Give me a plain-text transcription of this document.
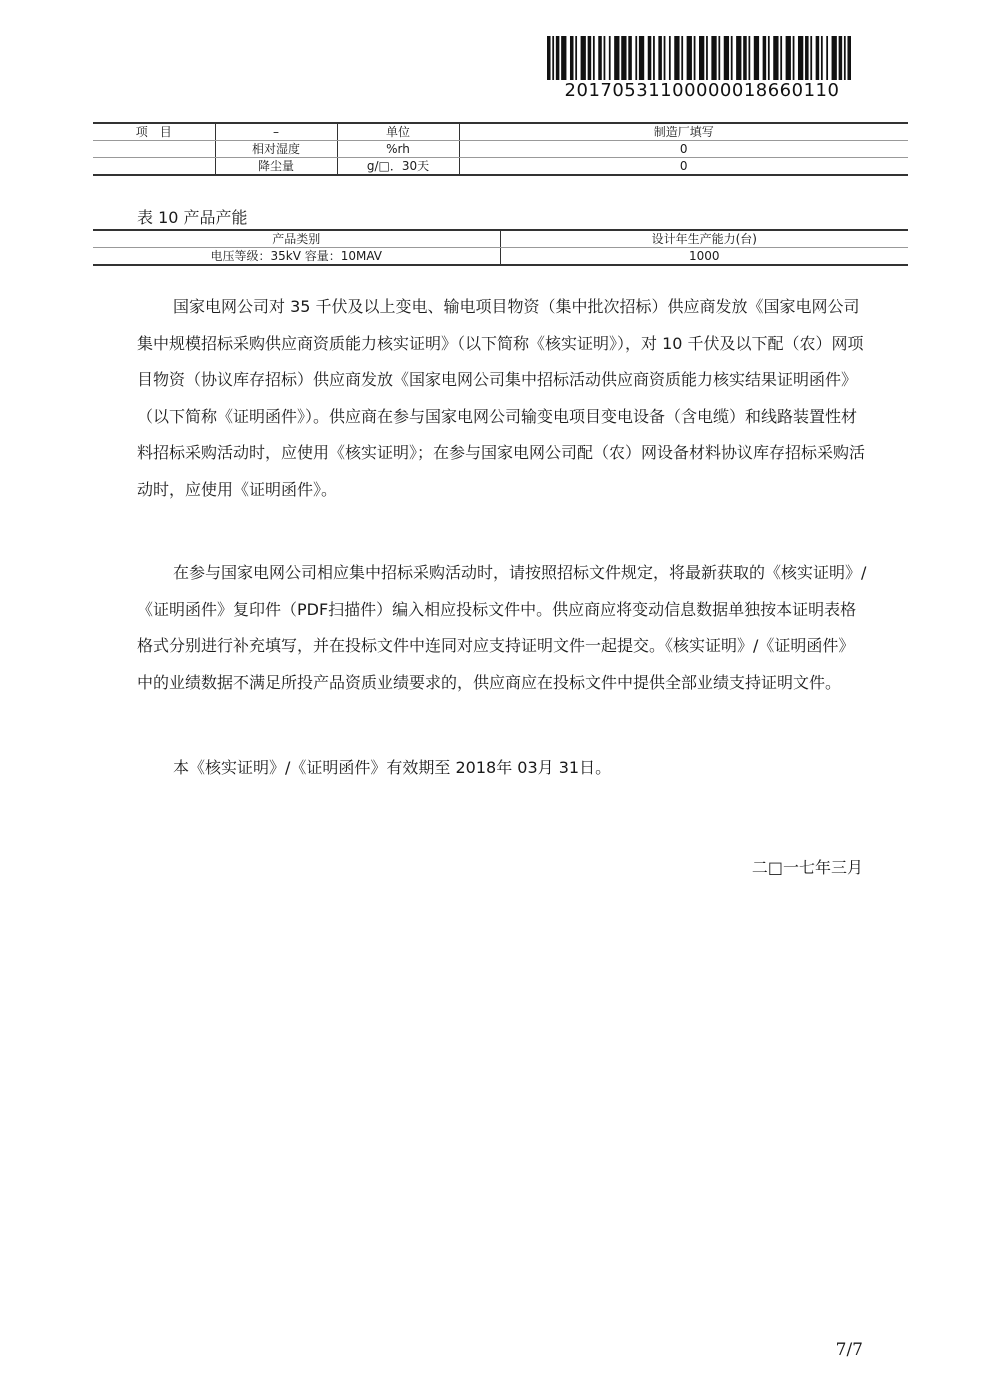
20170531100000018660110
项　目	–	单位	制造厂填写
	相对湿度	%rh	0
	降尘量	g/□．30天	0
表 10 产品产能
产品类别	设计年生产能力(台)
电压等级：35kV 容量：10MAV	1000

国家电网公司对 35 千伏及以上变电、输电项目物资（集中批次招标）供应商发放《国家电网公司集中规模招标采购供应商资质能力核实证明》（以下简称《核实证明》），对 10 千伏及以下配（农）网项目物资（协议库存招标）供应商发放《国家电网公司集中招标活动供应商资质能力核实结果证明函件》（以下简称《证明函件》）。供应商在参与国家电网公司输变电项目变电设备（含电缆）和线路装置性材料招标采购活动时，应使用《核实证明》；在参与国家电网公司配（农）网设备材料协议库存招标采购活动时，应使用《证明函件》。

在参与国家电网公司相应集中招标采购活动时，请按照招标文件规定，将最新获取的《核实证明》/《证明函件》复印件（PDF扫描件）编入相应投标文件中。供应商应将变动信息数据单独按本证明表格格式分别进行补充填写，并在投标文件中连同对应支持证明文件一起提交。《核实证明》/《证明函件》中的业绩数据不满足所投产品资质业绩要求的，供应商应在投标文件中提供全部业绩支持证明文件。

本《核实证明》/《证明函件》有效期至 2018年 03月 31日。

二□一七年三月
7/7
